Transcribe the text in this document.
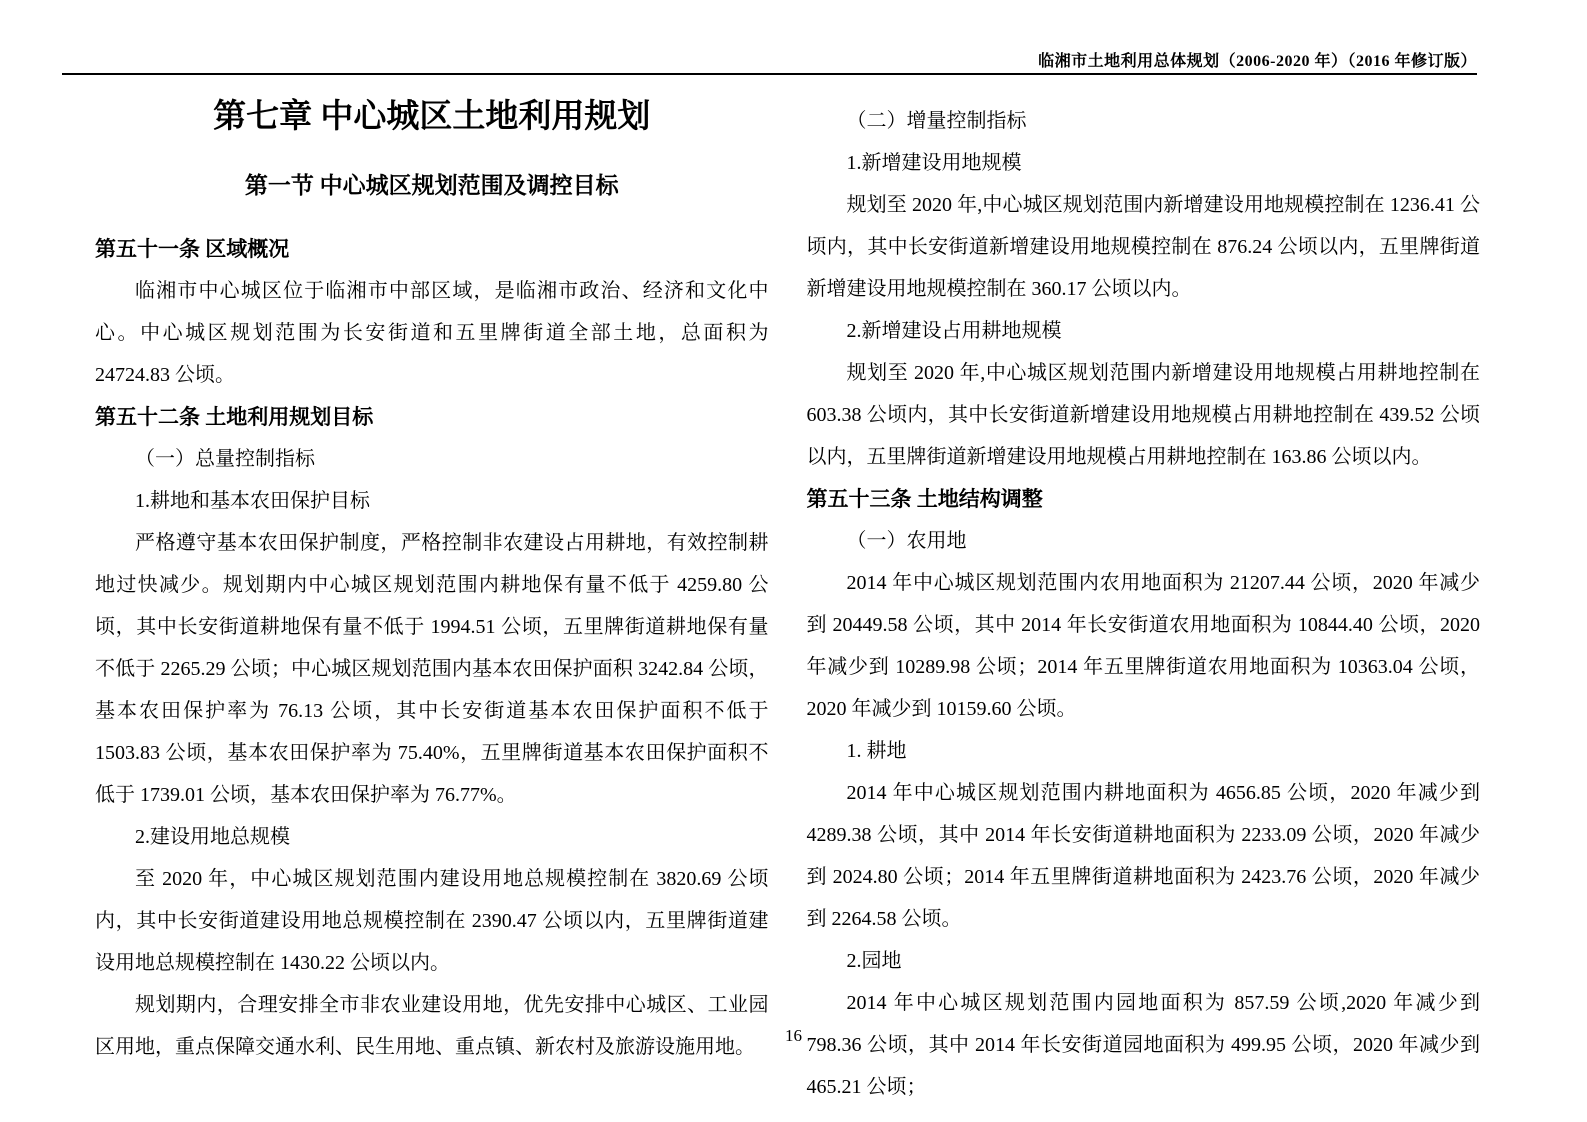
临湘市土地利用总体规划（2006-2020 年）（2016 年修订版）
第七章 中心城区土地利用规划
第一节 中心城区规划范围及调控目标
第五十一条 区域概况
临湘市中心城区位于临湘市中部区域，是临湘市政治、经济和文化中心。中心城区规划范围为长安街道和五里牌街道全部土地，总面积为 24724.83 公顷。
第五十二条 土地利用规划目标
（一）总量控制指标
1.耕地和基本农田保护目标
严格遵守基本农田保护制度，严格控制非农建设占用耕地，有效控制耕地过快减少。规划期内中心城区规划范围内耕地保有量不低于 4259.80 公顷，其中长安街道耕地保有量不低于 1994.51 公顷，五里牌街道耕地保有量不低于 2265.29 公顷；中心城区规划范围内基本农田保护面积 3242.84 公顷，基本农田保护率为 76.13 公顷，其中长安街道基本农田保护面积不低于 1503.83 公顷，基本农田保护率为 75.40%，五里牌街道基本农田保护面积不低于 1739.01 公顷，基本农田保护率为 76.77%。
2.建设用地总规模
至 2020 年，中心城区规划范围内建设用地总规模控制在 3820.69 公顷内，其中长安街道建设用地总规模控制在 2390.47 公顷以内，五里牌街道建设用地总规模控制在 1430.22 公顷以内。
规划期内，合理安排全市非农业建设用地，优先安排中心城区、工业园区用地，重点保障交通水利、民生用地、重点镇、新农村及旅游设施用地。
（二）增量控制指标
1.新增建设用地规模
规划至 2020 年,中心城区规划范围内新增建设用地规模控制在 1236.41 公顷内，其中长安街道新增建设用地规模控制在 876.24 公顷以内，五里牌街道新增建设用地规模控制在 360.17 公顷以内。
2.新增建设占用耕地规模
规划至 2020 年,中心城区规划范围内新增建设用地规模占用耕地控制在 603.38 公顷内，其中长安街道新增建设用地规模占用耕地控制在 439.52 公顷以内，五里牌街道新增建设用地规模占用耕地控制在 163.86 公顷以内。
第五十三条 土地结构调整
（一）农用地
2014 年中心城区规划范围内农用地面积为 21207.44 公顷，2020 年减少到 20449.58 公顷，其中 2014 年长安街道农用地面积为 10844.40 公顷，2020 年减少到 10289.98 公顷；2014 年五里牌街道农用地面积为 10363.04 公顷，2020 年减少到 10159.60 公顷。
1. 耕地
2014 年中心城区规划范围内耕地面积为 4656.85 公顷，2020 年减少到 4289.38 公顷，其中 2014 年长安街道耕地面积为 2233.09 公顷，2020 年减少到 2024.80 公顷；2014 年五里牌街道耕地面积为 2423.76 公顷，2020 年减少到 2264.58 公顷。
2.园地
2014 年中心城区规划范围内园地面积为 857.59 公顷,2020 年减少到 798.36 公顷，其中 2014 年长安街道园地面积为 499.95 公顷，2020 年减少到 465.21 公顷；
16
